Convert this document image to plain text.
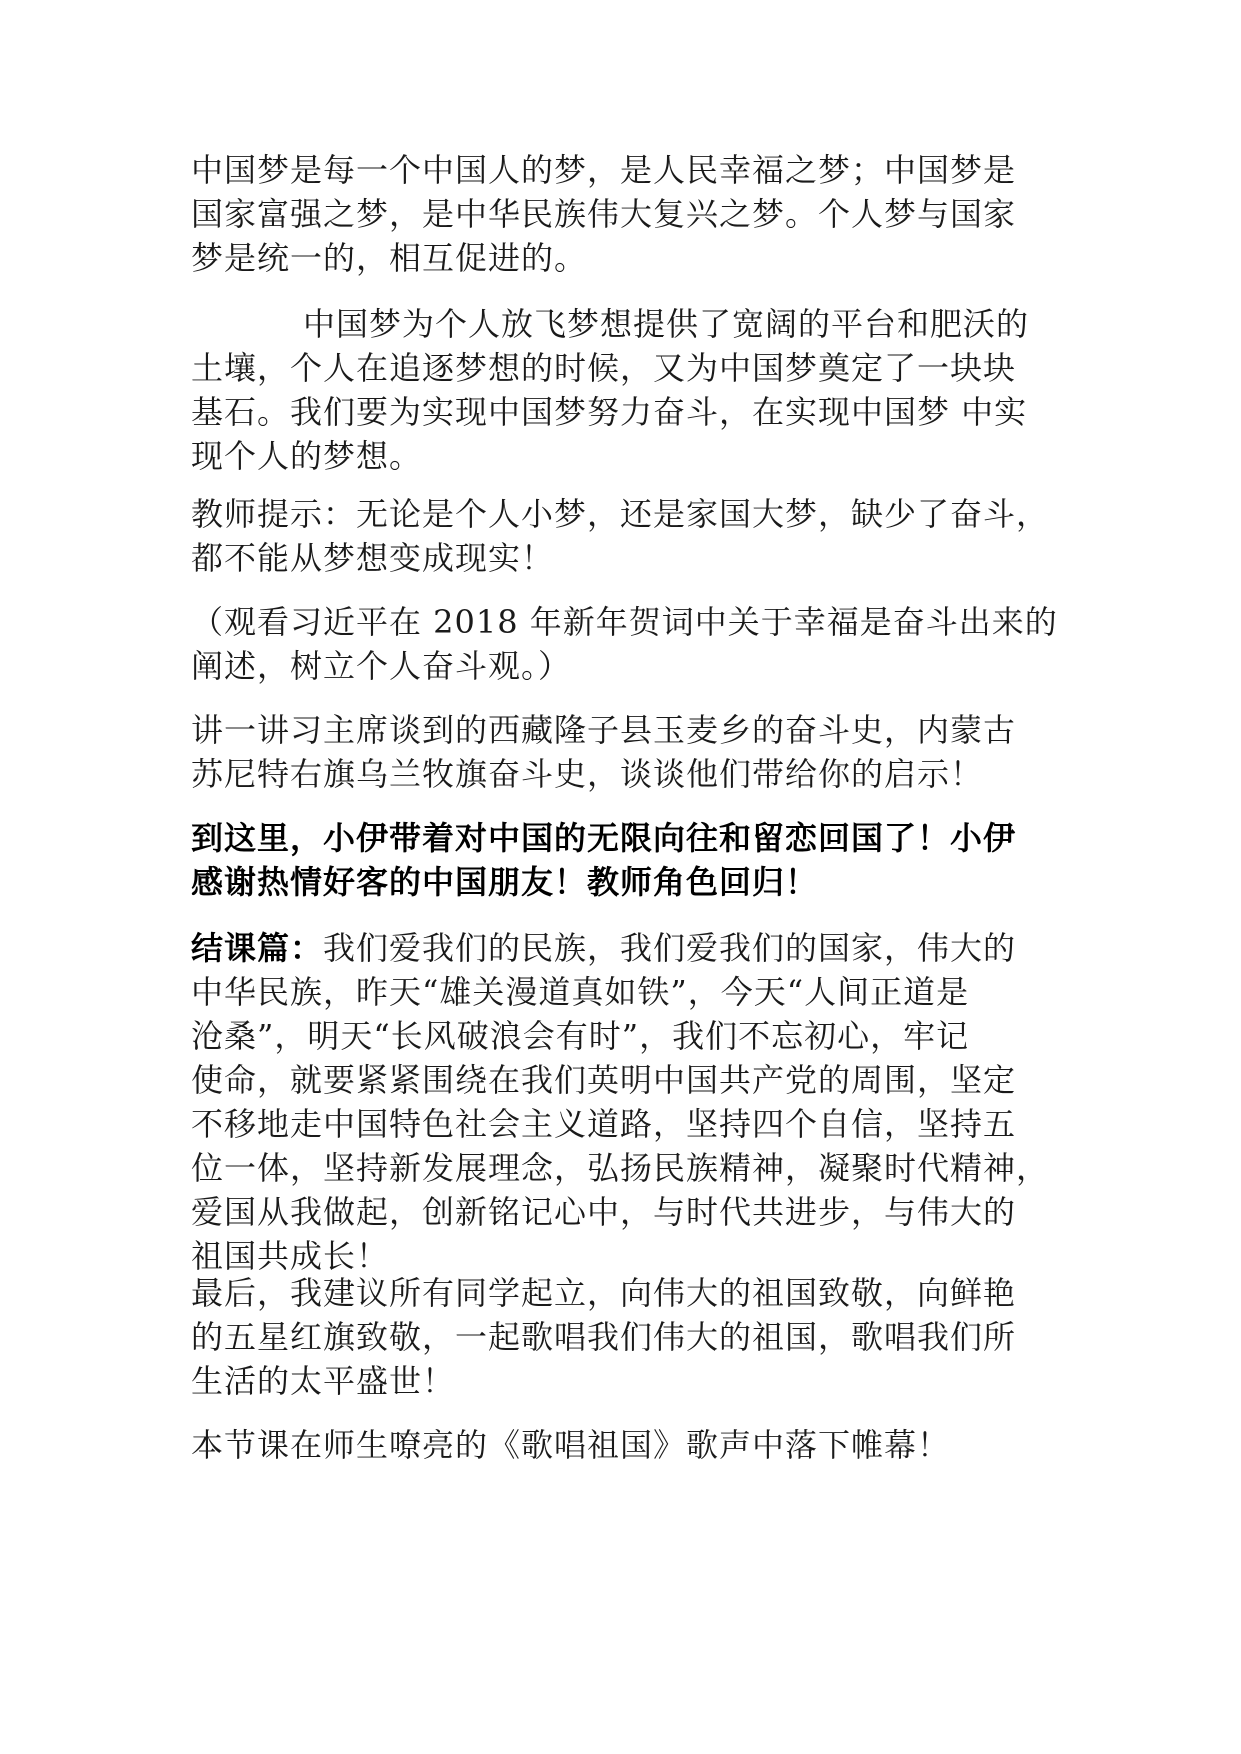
中国梦是每一个中国人的梦，是人民幸福之梦；中国梦是
国家富强之梦，是中华民族伟大复兴之梦。个人梦与国家
梦是统一的，相互促进的。
中国梦为个人放飞梦想提供了宽阔的平台和肥沃的
土壤，个人在追逐梦想的时候，又为中国梦奠定了一块块
基石。我们要为实现中国梦努力奋斗，在实现中国梦 中实
现个人的梦想。
教师提示：无论是个人小梦，还是家国大梦，缺少了奋斗，
都不能从梦想变成现实！
（观看习近平在 2018 年新年贺词中关于幸福是奋斗出来的
阐述，树立个人奋斗观。）
讲一讲习主席谈到的西藏隆子县玉麦乡的奋斗史，内蒙古
苏尼特右旗乌兰牧旗奋斗史，谈谈他们带给你的启示！
到这里，小伊带着对中国的无限向往和留恋回国了！小伊
感谢热情好客的中国朋友！教师角色回归！
结课篇：我们爱我们的民族，我们爱我们的国家，伟大的
中华民族，昨天“雄关漫道真如铁”，今天“人间正道是
沧桑”，明天“长风破浪会有时”，我们不忘初心，牢记
使命，就要紧紧围绕在我们英明中国共产党的周围，坚定
不移地走中国特色社会主义道路，坚持四个自信，坚持五
位一体，坚持新发展理念，弘扬民族精神，凝聚时代精神，
爱国从我做起，创新铭记心中，与时代共进步，与伟大的
祖国共成长！
最后，我建议所有同学起立，向伟大的祖国致敬，向鲜艳
的五星红旗致敬，一起歌唱我们伟大的祖国，歌唱我们所
生活的太平盛世！
本节课在师生嘹亮的《歌唱祖国》歌声中落下帷幕！
